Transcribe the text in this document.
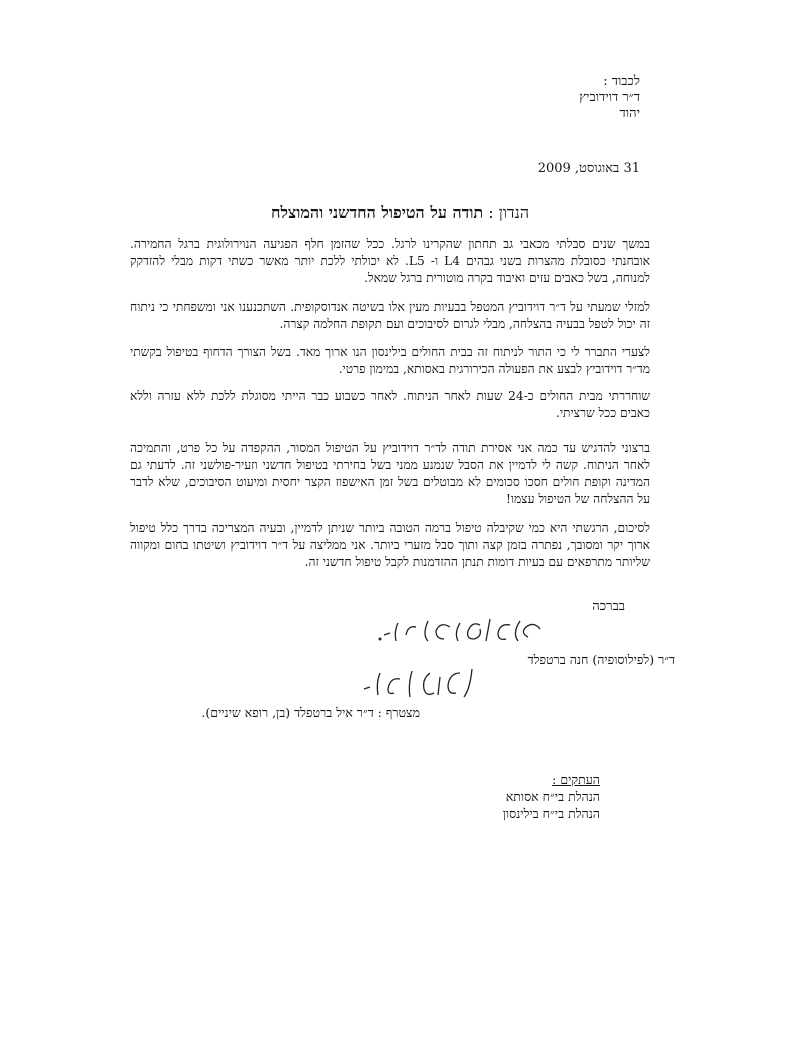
לכבוד :
ד״ר דוידוביץ
יהוד
31 באוגוסט, 2009
הנדון : תודה על הטיפול החדשני והמוצלח
במשך שנים סבלתי מכאבי גב תחתון שהקרינו לרגל. ככל שהזמן חלף הפגיעה הנוירולוגית ברגל החמירה. אובחנתי כסובלת מהצרות בשני גבהים L4 ו- L5. לא יכולתי ללכת יותר מאשר כשתי דקות מבלי להזדקק למנוחה, בשל כאבים עזים ואיבוד בקרה מוטורית ברגל שמאל.
למזלי שמעתי על ד״ר דוידוביץ המטפל בבעיות מעין אלו בשיטה אנדוסקופית. השתכנענו אני ומשפחתי כי ניתוח זה יכול לטפל בבעיה בהצלחה, מבלי לגרום לסיבוכים ועם תקופת החלמה קצרה.
לצערי התברר לי כי התור לניתוח זה בבית החולים בילינסון הנו ארוך מאד. בשל הצורך הדחוף בטיפול בקשתי מד״ר דוידוביץ לבצע את הפעולה הכירורגית באסותא, במימון פרטי.
שוחררתי מבית החולים כ-24 שעות לאחר הניתוח. לאחר כשבוע כבר הייתי מסוגלת ללכת ללא עזרה וללא כאבים ככל שרציתי.
ברצוני להדגיש עד כמה אני אסירת תודה לד״ר דוידוביץ על הטיפול המסור, ההקפדה על כל פרט, והתמיכה לאחר הניתוח. קשה לי לדמיין את הסבל שנמנע ממני בשל בחירתי בטיפול חדשני וזעיר-פולשני זה. לדעתי גם המדינה וקופת חולים חסכו סכומים לא מבוטלים בשל זמן האישפוז הקצר יחסית ומיעוט הסיבוכים, שלא לדבר על ההצלחה של הטיפול עצמו!
לסיכום, הרגשתי היא כמי שקיבלה טיפול ברמה הטובה ביותר שניתן לדמיין, ובעיה המצריכה בדרך כלל טיפול ארוך יקר ומסובך, נפתרה בזמן קצה ותוך סבל מזערי ביותר. אני ממליצה על ד״ר דוידוביץ ושיטתו בחום ומקווה שליותר מתרפאים עם בעיות דומות תנתן ההזדמנות לקבל טיפול חדשני זה.
בברכה
ד״ר (לפילוסופיה) חנה ברטפלד
מצטרף : ד״ר איל ברטפלד (בן, רופא שיניים).
העתקים :
הנהלת בי״ח אסותא
הנהלת בי״ח בילינסון
